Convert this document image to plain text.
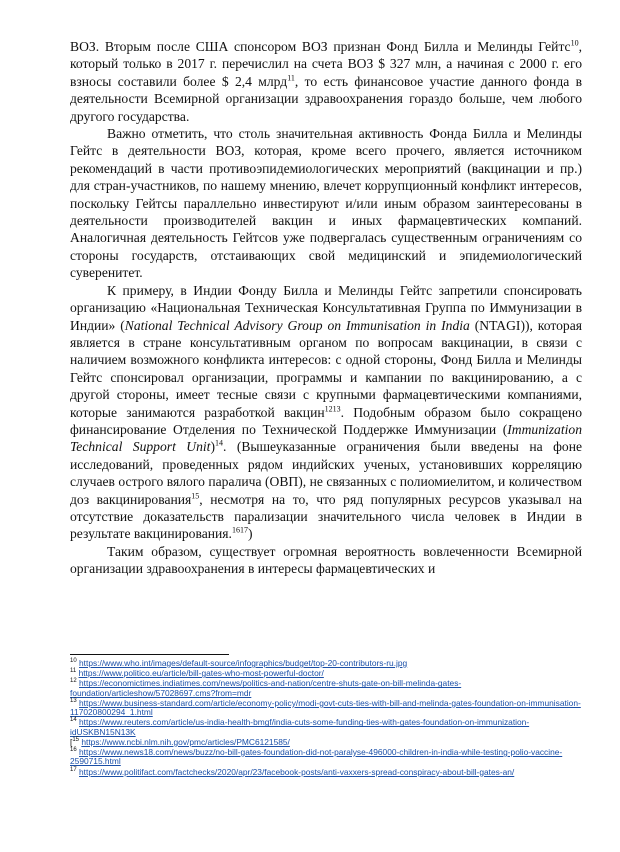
ВОЗ. Вторым после США спонсором ВОЗ признан Фонд Билла и Мелинды Гейтс$^{10}$, который только в 2017 г. перечислил на счета ВОЗ $ 327 млн, а начиная с 2000 г. его взносы составили более $ 2,4 млрд$^{11}$, то есть финансовое участие данного фонда в деятельности Всемирной организации здравоохранения гораздо больше, чем любого другого государства.

Важно отметить, что столь значительная активность Фонда Билла и Мелинды Гейтс в деятельности ВОЗ, которая, кроме всего прочего, является источником рекомендаций в части противоэпидемиологических мероприятий (вакцинации и пр.) для стран-участников, по нашему мнению, влечет коррупционный конфликт интересов, поскольку Гейтсы параллельно инвестируют и/или иным образом заинтересованы в деятельности производителей вакцин и иных фармацевтических компаний. Аналогичная деятельность Гейтсов уже подвергалась существенным ограничениям со стороны государств, отстаивающих свой медицинский и эпидемиологический суверенитет.

К примеру, в Индии Фонду Билла и Мелинды Гейтс запретили спонсировать организацию «Национальная Техническая Консультативная Группа по Иммунизации в Индии» (National Technical Advisory Group on Immunisation in India (NTAGI)), которая является в стране консультативным органом по вопросам вакцинации, в связи с наличием возможного конфликта интересов: с одной стороны, Фонд Билла и Мелинды Гейтс спонсировал организации, программы и кампании по вакцинированию, а с другой стороны, имеет тесные связи с крупными фармацевтическими компаниями, которые занимаются разработкой вакцин$^{1213}$. Подобным образом было сокращено финансирование Отделения по Технической Поддержке Иммунизации (Immunization Technical Support Unit)$^{14}$. (Вышеуказанные ограничения были введены на фоне исследований, проведенных рядом индийских ученых, установивших корреляцию случаев острого вялого паралича (ОВП), не связанных с полиомиелитом, и количеством доз вакцинирования$^{15}$, несмотря на то, что ряд популярных ресурсов указывал на отсутствие доказательств парализации значительного числа человек в Индии в результате вакцинирования.$^{1617}$)

Таким образом, существует огромная вероятность вовлеченности Всемирной организации здравоохранения в интересы фармацевтических и

$^{10}$ https://www.who.int/images/default-source/infographics/budget/top-20-contributors-ru.jpg

$^{11}$ https://www.politico.eu/article/bill-gates-who-most-powerful-doctor/

$^{12}$ https://economictimes.indiatimes.com/news/politics-and-nation/centre-shuts-gate-on-bill-melinda-gates-foundation/articleshow/57028697.cms?from=mdr

$^{13}$ https://www.business-standard.com/article/economy-policy/modi-govt-cuts-ties-with-bill-and-melinda-gates-foundation-on-immunisation-117020800294_1.html

$^{14}$ https://www.reuters.com/article/us-india-health-bmgf/india-cuts-some-funding-ties-with-gates-foundation-on-immunization-idUSKBN15N13K

[$^{15}$ https://www.ncbi.nlm.nih.gov/pmc/articles/PMC6121585/

$^{16}$ https://www.news18.com/news/buzz/no-bill-gates-foundation-did-not-paralyse-496000-children-in-india-while-testing-polio-vaccine-2590715.html

$^{17}$ https://www.politifact.com/factchecks/2020/apr/23/facebook-posts/anti-vaxxers-spread-conspiracy-about-bill-gates-an/
